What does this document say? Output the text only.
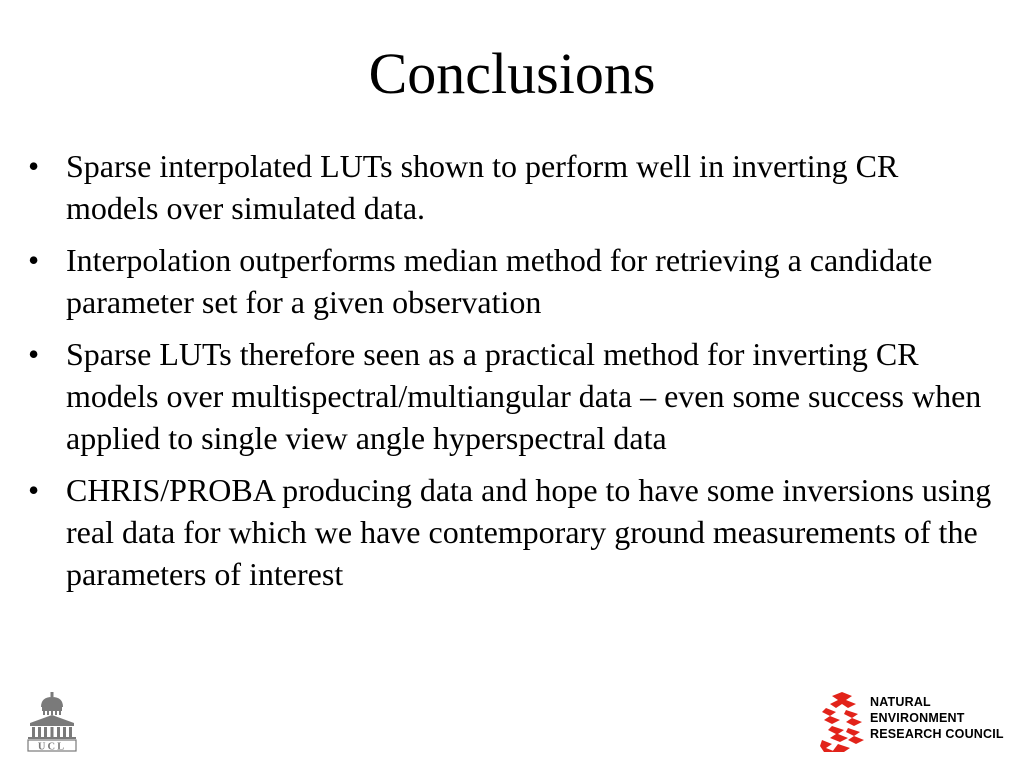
Conclusions
• Sparse interpolated LUTs shown to perform well in inverting CR models over simulated data.
• Interpolation outperforms median method for retrieving a candidate parameter set for a given observation
• Sparse LUTs therefore seen as a practical method for inverting CR models over multispectral/multiangular data – even some success when applied to single view angle hyperspectral data
• CHRIS/PROBA producing data and hope to have some inversions using real data for which we have contemporary ground measurements of the parameters of interest
UCL
NATURAL
ENVIRONMENT
RESEARCH COUNCIL
